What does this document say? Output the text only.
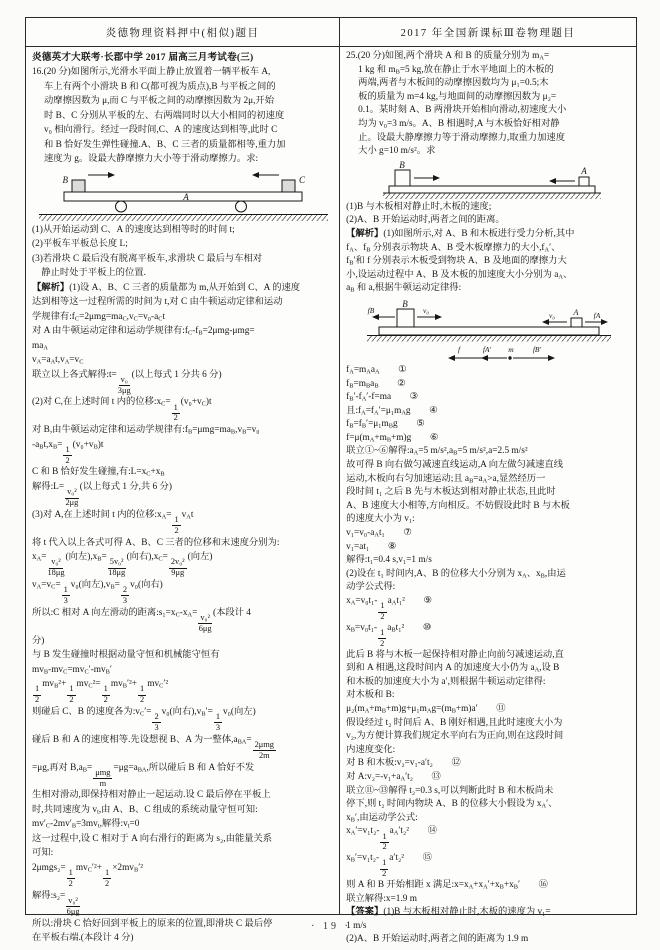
炎德物理资料押中(相似)题目	2017 年全国新课标Ⅲ卷物理题目
炎德英才大联考·长郡中学 2017 届高三月考试卷(三)
16.(20 分)如图所示,光滑水平面上静止放置着一辆平板车 A,
车上有两个小滑块 B 和 C(都可视为质点),B 与平板之间的
动摩擦因数为 μ,而 C 与平板之间的动摩擦因数为 2μ,开始
时 B、C 分别从平板的左、右两端同时以大小相同的初速度
v₀ 相向滑行。经过一段时间,C、A 的速度达到相等,此时 C
和 B 恰好发生弹性碰撞.A、B、C 三者的质量都相等,重力加
速度为 g。设最大静摩擦力大小等于滑动摩擦力。求:
B	C
A
(1)从开始运动到 C、A 的速度达到相等时的时间 t;
(2)平板车平板总长度 L;
(3)若滑块 C 最后没有脱离平板车,求滑块 C 最后与车相对
 静止时处于平板上的位置.
【解析】(1)设 A、B、C 三者的质量都为 m,从开始到 C、A 的速度
达到相等这一过程所需的时间为 t,对 C 由牛顿运动定律和运动
学规律有$:f_C=2\mu mg=ma_C,v_C=v_0-a_Ct$
对 A 由牛顿运动定律和运动学规律有$:f_C-f_B=2\mu mg-\mu mg=$
$ma_A$
$v_A=a_At,v_A=v_C$
联立以上各式解得:t=
$\frac{\text{v₀}}{3\mu g}$
(以上每式 1 分共 6 分)
(2)对 C,在上述时间 t 内的位移$:x_C=$
$\frac{1}{2}$
$(v_0+v_C)t$
对 B,由牛顿运动定律和运动学规律有$:f_B=\mu mg=ma_B,v_B=v_0$
$-a_Bt,x_B=$
$\frac{1}{2}$
$(v_0+v_B)t$
C 和 B 恰好发生碰撞,有$:L=x_C+x_B$
解得:L=
$\frac{\text{v₀²}}{2\mu g}$
(以上每式 1 分,共 6 分)
(3)对 A,在上述时间 t 内的位移$:x_A=$
$\frac{1}{2}$
$v_At$
将 t 代入以上各式可得 A、B、C 三者的位移和末速度分别为:
$x_A=$
$\frac{\text{v₀²}}{18\mu g}$
(向左)$,x_B=$
$\frac{\text{5v₀²}}{18\mu g}$
(向右)$,x_C=$
$\frac{\text{2v₀²}}{9\mu g}$
(向左)
$v_A=v_C=$
$\frac{1}{3}$
v₀(向左)$,v_B=$
$\frac{2}{3}$
v₀(向右)
所以:C 相对 A 向左滑动的距离$:s_1=x_C-x_A=$
$\frac{\text{v₀²}}{6\mu g}$
(本段计 4
分)
与 B 发生碰撞时根据动量守恒和机械能守恒有
$mv_B-mv_C=mv_C'-mv_B'$
$\frac{1}{2}$
$mv_B^2+$
$\frac{1}{2}$
$mv_C^2=$
$\frac{1}{2}$
$mv_B'^2+$
$\frac{1}{2}$
$mv_C'^2$
则碰后 C、B 的速度各为$:v_C'=$
$\frac{2}{3}$
v₀(向右)$,v_B'=$
$\frac{1}{3}$
v₀(向左)
碰后 B 和 A 的速度相等.先设想视 B、A 为一整体$,a_{BA}=$
$\frac{\text{2μmg}}{2m}$
=μg,再对 $B,a_B=$
$\frac{\text{μmg}}{m}$
$=\mu g=a_{BA}$,所以碰后 B 和 A 恰好不发
生相对滑动,即保持相对静止一起运动.设 C 最后停在平板上
时,共同速度为 $v_t$,由 A、B、C 组成的系统动量守恒可知:
$mv'_C-2mv'_B=3mv_t$,解得$:v_t=0$
这一过程中,设 C 相对于 A 向右滑行的距离为 s₂,由能量关系
可知:
2μmgs₂=
$\frac{1}{2}$
$mv_C'^2+$
$\frac{1}{2}$
$\times 2mv_B'^2$
解得:s₂=
$\frac{\text{v₀²}}{6\mu g}$
所以:滑块 C 恰好回到平板上的原来的位置,即滑块 C 最后停
在平板右端.(本段计 4 分)
25.(20 分)如图,两个滑块 A 和 B 的质量分别为 $m_A=$
1 kg 和 $m_B=5$ kg,放在静止于水平地面上的木板的
两端,两者与木板间的动摩擦因数均为 μ₁=0.5;木
板的质量为 m=4 kg,与地面间的动摩擦因数为 μ₂=
0.1。某时刻 A、B 两滑块开始相向滑动,初速度大小
均为 v₀=3 m/s。A、B 相遇时,A 与木板恰好相对静
止。设最大静摩擦力等于滑动摩擦力,取重力加速度
大小 g=10 m/s²。求
B
A
(1)B 与木板相对静止时,木板的速度;
(2)A、B 开始运动时,两者之间的距离。
【解析】(1)如图所示,对 A、B 和木板进行受力分析,其中
$f_A$、$f_B$ 分别表示物块 A、B 受木板摩擦力的大小$,f_A'$、
$f_B'$和 f 分别表示木板受到物块 A、B 及地面的摩擦力大
小,设运动过程中 A、B 及木板的加速度大小分别为 $a_A$、
$a_B$ 和 a,根据牛顿运动定律得:
B
A
fB	v₀
v₀	fA
f	fA′ m	fB′
$f_A=m_Aa_A$  ①
$f_B=m_Ba_B$  ②
$f_B'-f_A'-f=ma$  ③
且$:f_A=f_A'=\mu_1m_Ag$  ④
$f_B=f_B'=\mu_1m_Bg$  ⑤
$f=\mu(m_A+m_B+m)g$  ⑥
联立①~⑥解得$:a_A=5$ $m/s^2,a_B=5$ m/s²,a=2.5 m/s²
故可得 B 向右做匀减速直线运动,A 向左做匀减速直线
运动,木板向右匀加速运动;且 $a_B=a_A>a$,显然经历一
段时间 t₁ 之后 B 先与木板达到相对静止状态,且此时
A、B 速度大小相等,方向相反。不妨假设此时 B 与木板
的速度大小为 v₁:
$v_1=v_0-a_At_1$  ⑦
v₁=at₁  ⑧
解得:t₁=0.4 s,v₁=1 m/s
(2)设在 t₁ 时间内,A、B 的位移大小分别为 $x_A$、$x_B$,由运
动学公式得:
$x_A=v_0t_1-$
$\frac{1}{2}$
$a_At_1^2$  ⑨
$x_B=v_0t_1-$
$\frac{1}{2}$
$a_Bt_1^2$  ⑩
此后 B 将与木板一起保持相对静止向前匀减速运动,直
到和 A 相遇,这段时间内 A 的加速度大小仍为 $a_A$,设 B
和木板的加速度大小为 a′,则根据牛顿运动定律得:
对木板和 B:
$\mu_2(m_A+m_B+m)g+\mu_1m_Ag=(m_B+m)a'$  ⑪
假设经过 t₂ 时间后 A、B 刚好相遇,且此时速度大小为
v₂,为方便计算我们规定水平向右为正向,则在这段时间
内速度变化:
对 B 和木板:v₂=v₁-a′t₂  ⑫
对 $A:v_2=-v_1+a_A't_2$  ⑬
联立⑪~⑬解得 t₂=0.3 s,可以判断此时 B 和木板尚未
停下,则 t₂ 时间内物块 A、B 的位移大小假设为 $x_A'$、
$x_B'$,由运动学公式:
$x_A'=v_1t_2-$
$\frac{1}{2}$
$a_A't_2^2$  ⑭
$x_B'=v_1t_2-$
$\frac{1}{2}$
a′t₂²  ⑮
则 A 和 B 开始相距 x 满足$:x=x_A+x_A'+x_B+x_B'$  ⑯
联立解得:x=1.9 m
【答案】(1)B 与木板相对静止时,木板的速度为 v₁=
1 m/s
(2)A、B 开始运动时,两者之间的距离为 1.9 m
· 19 ·
